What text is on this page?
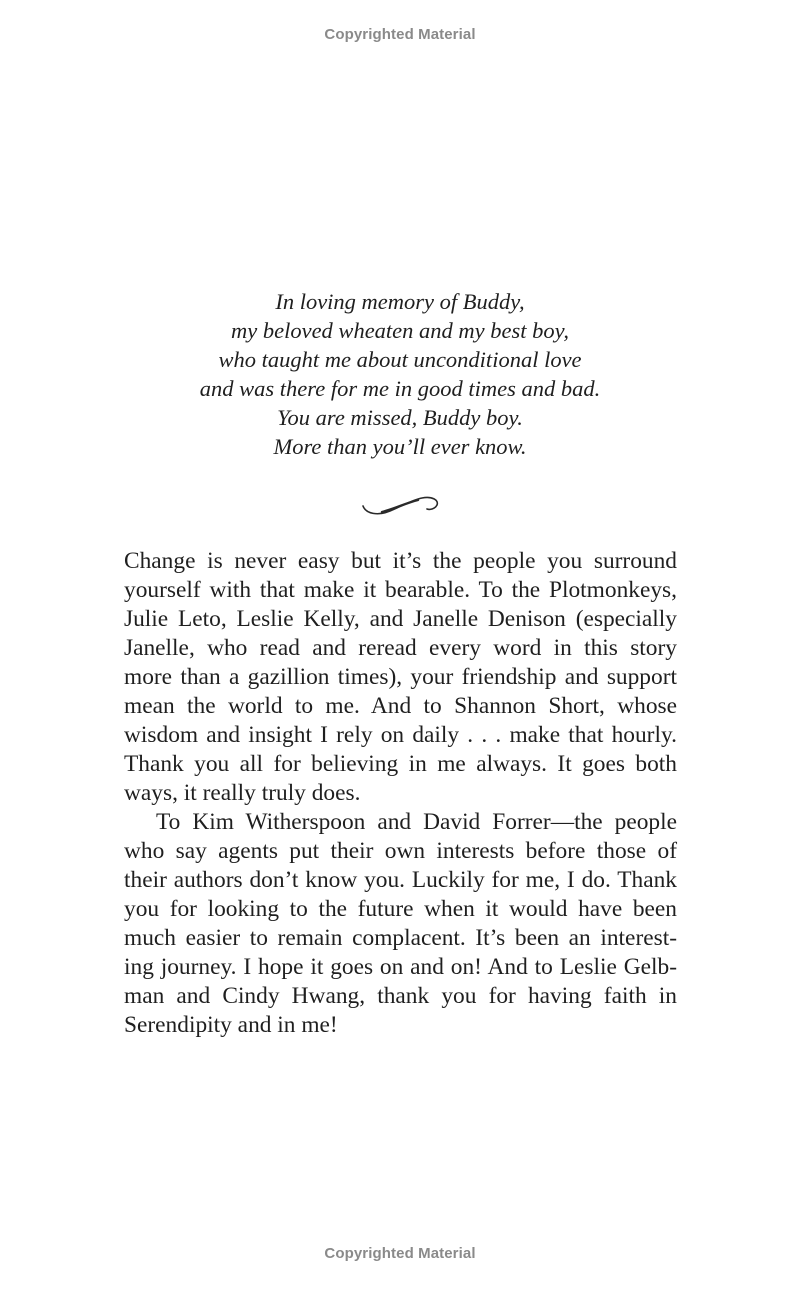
Copyrighted Material
In loving memory of Buddy,
my beloved wheaten and my best boy,
who taught me about unconditional love
and was there for me in good times and bad.
You are missed, Buddy boy.
More than you’ll ever know.
Change is never easy but it’s the people you surround
yourself with that make it bearable. To the Plotmonkeys,
Julie Leto, Leslie Kelly, and Janelle Denison (especially
Janelle, who read and reread every word in this story
more than a gazillion times), your friendship and support
mean the world to me. And to Shannon Short, whose
wisdom and insight I rely on daily . . . make that hourly.
Thank you all for believing in me always. It goes both
ways, it really truly does.
To Kim Witherspoon and David Forrer—the people
who say agents put their own interests before those of
their authors don’t know you. Luckily for me, I do. Thank
you for looking to the future when it would have been
much easier to remain complacent. It’s been an interest-
ing journey. I hope it goes on and on! And to Leslie Gelb-
man and Cindy Hwang, thank you for having faith in
Serendipity and in me!
Copyrighted Material
